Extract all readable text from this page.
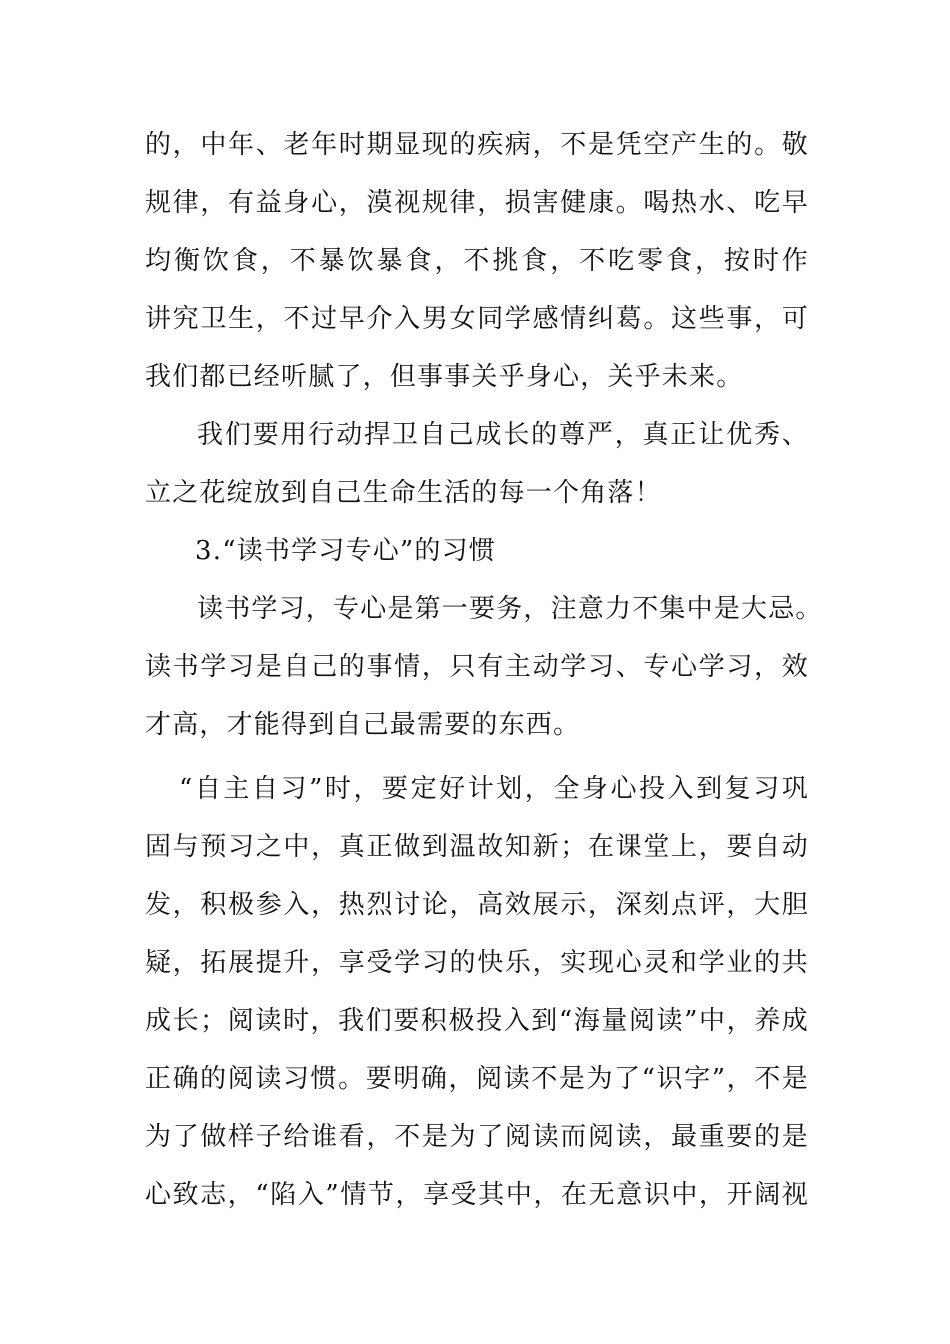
的，中年、老年时期显现的疾病，不是凭空产生的。敬
规律，有益身心，漠视规律，损害健康。喝热水、吃早
均衡饮食，不暴饮暴食，不挑食，不吃零食，按时作
讲究卫生，不过早介入男女同学感情纠葛。这些事，可
我们都已经听腻了，但事事关乎身心，关乎未来。
我们要用行动捍卫自己成长的尊严，真正让优秀、
立之花绽放到自己生命生活的每一个角落！
3.“读书学习专心”的习惯
读书学习，专心是第一要务，注意力不集中是大忌。
读书学习是自己的事情，只有主动学习、专心学习，效
才高，才能得到自己最需要的东西。
“自主自习”时，要定好计划，全身心投入到复习巩
固与预习之中，真正做到温故知新；在课堂上，要自动
发，积极参入，热烈讨论，高效展示，深刻点评，大胆
疑，拓展提升，享受学习的快乐，实现心灵和学业的共
成长；阅读时，我们要积极投入到“海量阅读”中，养成
正确的阅读习惯。要明确，阅读不是为了“识字”，不是
为了做样子给谁看，不是为了阅读而阅读，最重要的是
心致志，“陷入”情节，享受其中，在无意识中，开阔视
